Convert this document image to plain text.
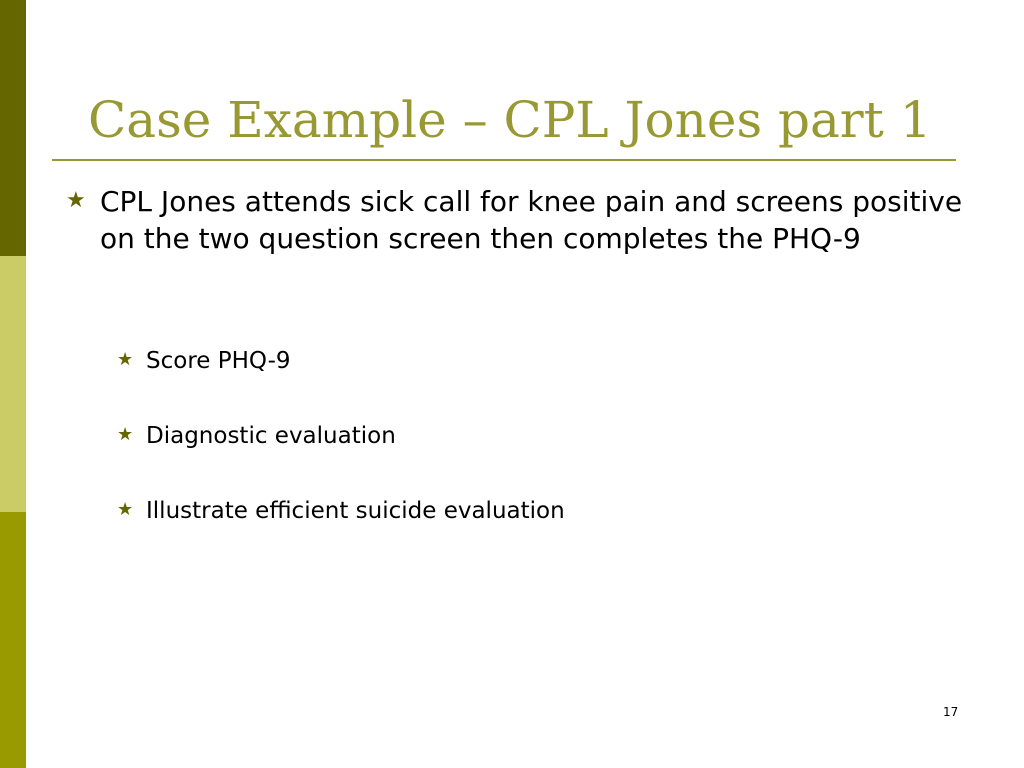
Case Example – CPL Jones part 1
★ CPL Jones attends sick call for knee pain and screens positive on the two question screen then completes the PHQ-9
★ Score PHQ-9
★ Diagnostic evaluation
★ Illustrate efficient suicide evaluation
17
